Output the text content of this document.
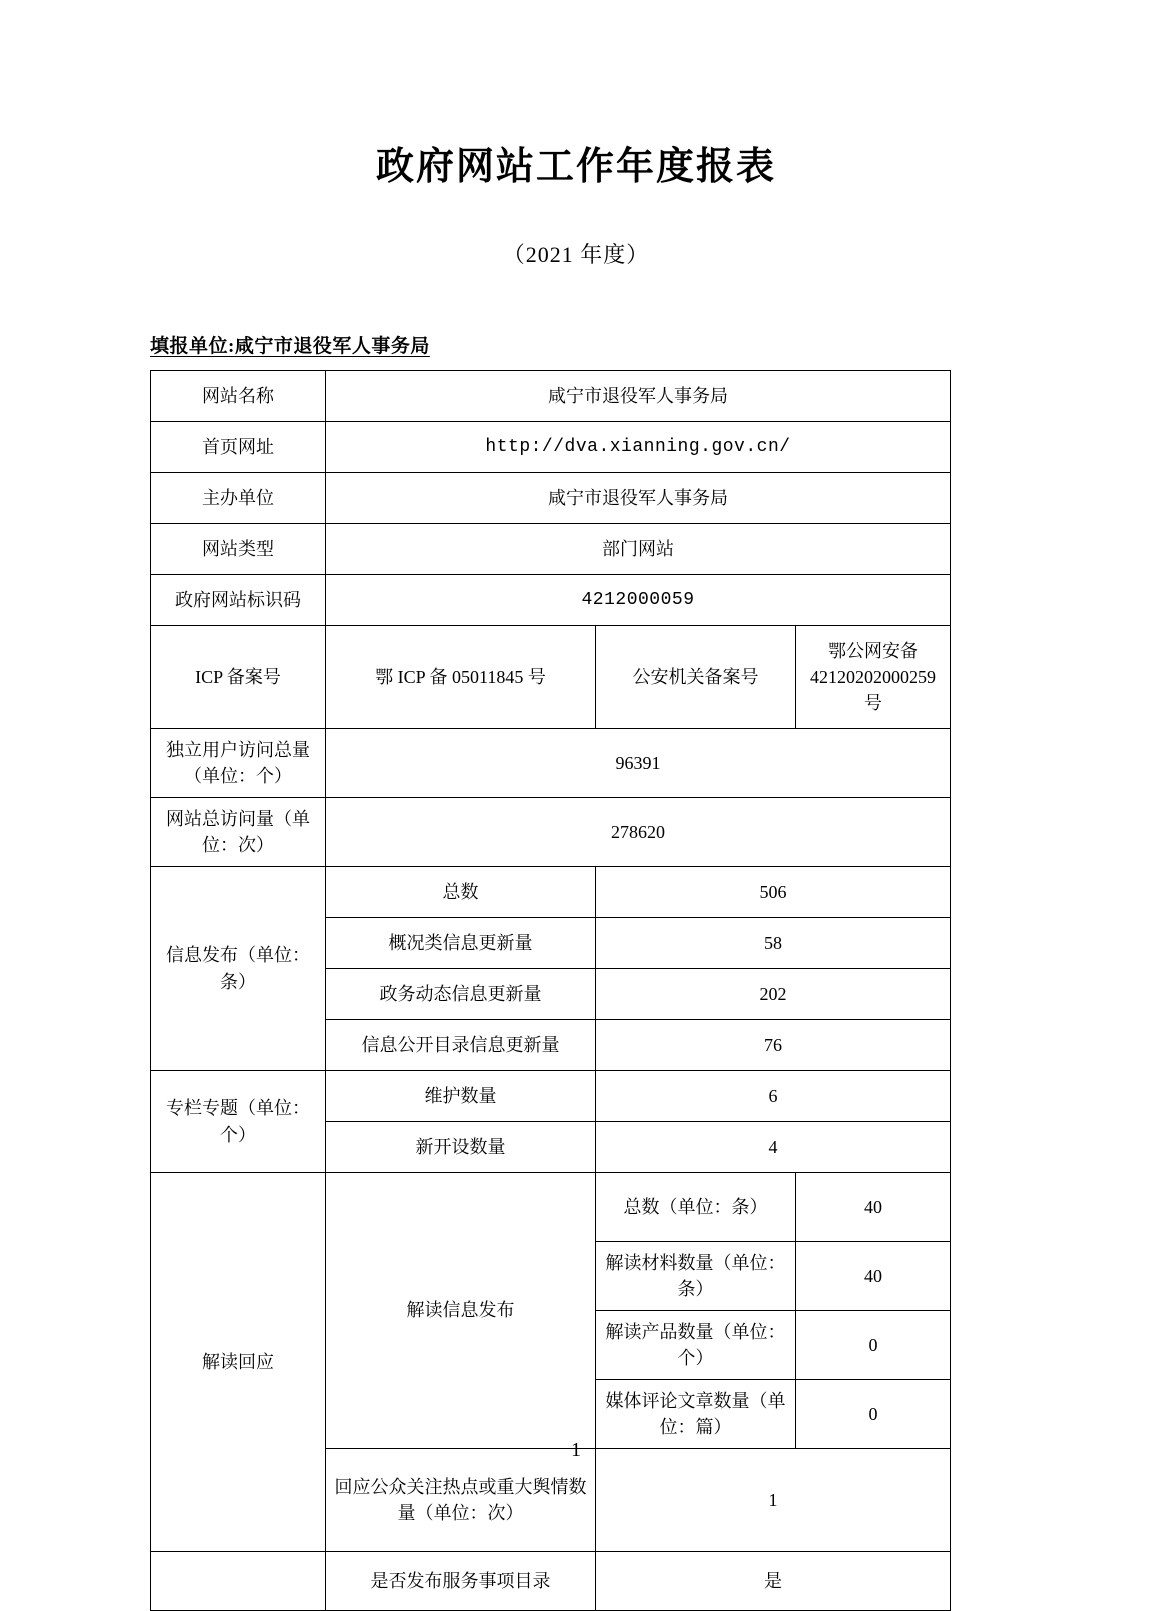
政府网站工作年度报表
（2021 年度）
填报单位:咸宁市退役军人事务局
网站名称	咸宁市退役军人事务局		
首页网址	http://dva.xianning.gov.cn/		
主办单位	咸宁市退役军人事务局		
网站类型	部门网站		
政府网站标识码	4212000059		
ICP 备案号	鄂 ICP 备 05011845 号	公安机关备案号	鄂公网安备 42120202000259 号
独立用户访问总量（单位：个）	96391		
网站总访问量（单位：次）	278620		
信息发布（单位：条）	总数	506	
	概况类信息更新量	58	
	政务动态信息更新量	202	
	信息公开目录信息更新量	76	
专栏专题（单位：个）	维护数量	6	
	新开设数量	4	
解读回应	解读信息发布	总数（单位：条）	40
		解读材料数量（单位：条）	40
		解读产品数量（单位：个）	0
		媒体评论文章数量（单位：篇）	0
	回应公众关注热点或重大舆情数量（单位：次）	1	
	是否发布服务事项目录	是	
1
